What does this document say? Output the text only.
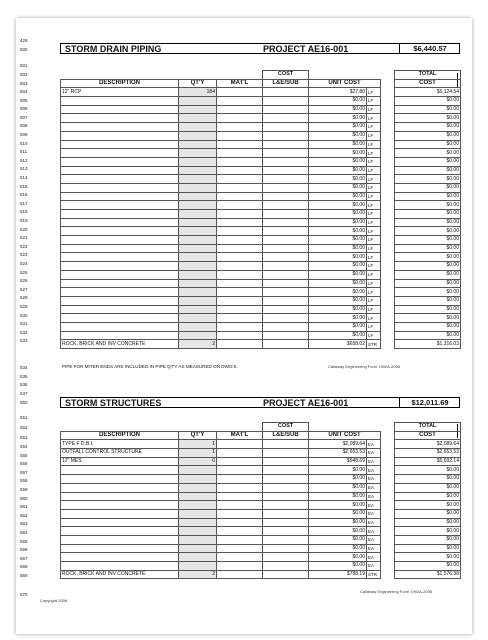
429
500	STORM DRAIN PIPING	PROJECT AE16-001	$6,440.57
501
502
503
			COST				TOTAL
DESCRIPTION	QT'Y	MAT'L	L&E/SUB	UNIT COST			COST
12" RCP	184			$27.80	LF		$5,124.54
				$0.00	LF		$0.00
				$0.00	LF		$0.00
				$0.00	LF		$0.00
				$0.00	LF		$0.00
				$0.00	LF		$0.00
				$0.00	LF		$0.00
				$0.00	LF		$0.00
				$0.00	LF		$0.00
				$0.00	LF		$0.00
				$0.00	LF		$0.00
				$0.00	LF		$0.00
				$0.00	LF		$0.00
				$0.00	LF		$0.00
				$0.00	LF		$0.00
				$0.00	LF		$0.00
				$0.00	LF		$0.00
				$0.00	LF		$0.00
				$0.00	LF		$0.00
				$0.00	LF		$0.00
				$0.00	LF		$0.00
				$0.00	LF		$0.00
				$0.00	LF		$0.00
				$0.00	LF		$0.00
				$0.00	LF		$0.00
				$0.00	LF		$0.00
				$0.00	LF		$0.00
				$0.00	LF		$0.00
				$0.00	LF		$0.00
ROCK, BRICK AND INV CONCRETE	2			$658.02	STR		$1,316.03
STORM STRUCTURES	PROJECT AE16-001	$12,011.69
550
551
552
553
			COST				TOTAL
DESCRIPTION	QT'Y	MAT'L	L&E/SUB	UNIT COST			COST
TYPE F D.B.I.	1			$2,089.64	EA		$2,089.64
OUTFALL CONTROL STRUCTURE	1			$2,653.53	EA		$2,653.53
12" MES	6			$948.69	EA		$5,692.14
				$0.00	EA		$0.00
				$0.00	EA		$0.00
				$0.00	EA		$0.00
				$0.00	EA		$0.00
				$0.00	EA		$0.00
				$0.00	EA		$0.00
				$0.00	EA		$0.00
				$0.00	EA		$0.00
				$0.00	EA		$0.00
				$0.00	EA		$0.00
				$0.00	EA		$0.00
				$0.00	EA		$0.00
ROCK, BRICK AND INV CONCRETE	2			$788.19	STR		$1,576.38
504
505
506
507
508
509
510
511
512
513
514
515
516
517
518
519
520
521
522
523
524
525
526
527
528
529
530
531
532
533
554
555
556
557
558
559
560
561
562
563
564
565
566
567
568
569
534	PIPE FOR MITER ENDS ARE INCLUDED IN PIPE QT'Y AS MEASURED ON DWG'S.	Callaway Engineering Form 1992A-2006
535
536
537
Callaway Engineering Form 1992A-2006
570
Copyright 2006
